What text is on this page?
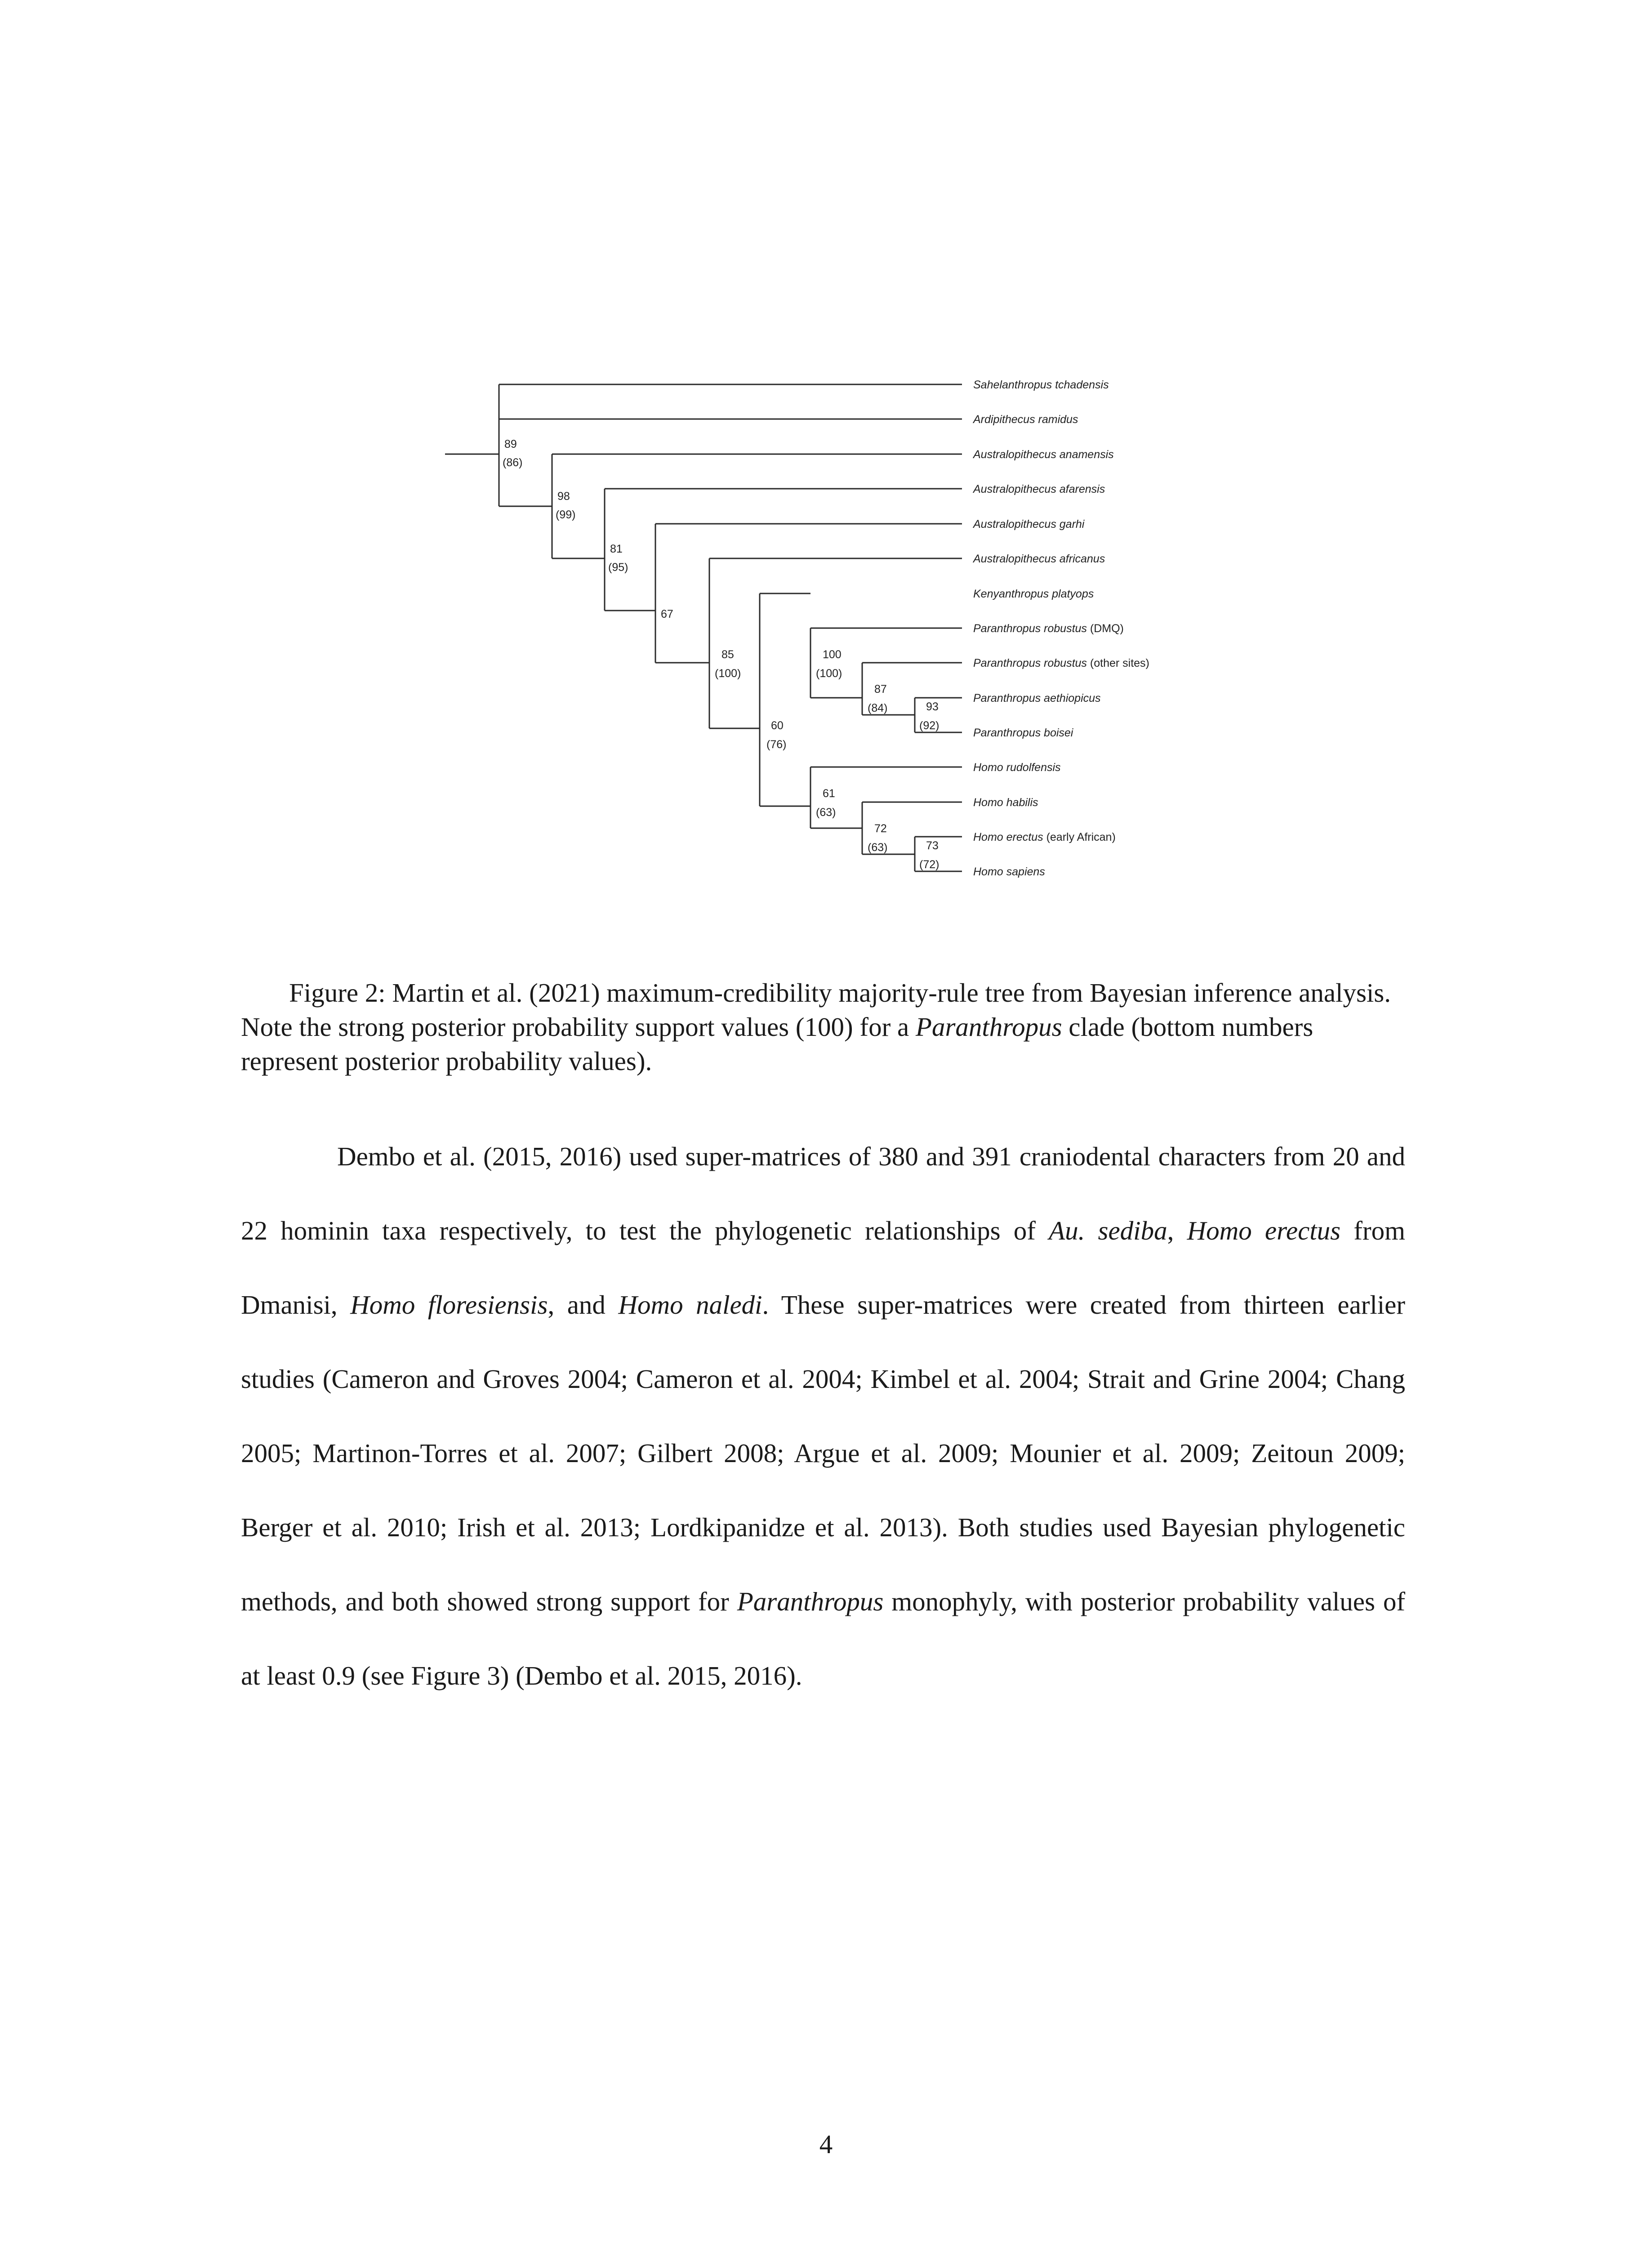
Sahelanthropus tchadensis
Ardipithecus ramidus
Australopithecus anamensis
Australopithecus afarensis
Australopithecus garhi
Australopithecus africanus
Kenyanthropus platyops
Paranthropus robustus (DMQ)
Paranthropus robustus (other sites)
Paranthropus aethiopicus
Paranthropus boisei
Homo rudolfensis
Homo habilis
Homo erectus (early African)
Homo sapiens
89
(86)
98
(99)
81
(95)
67
85
(100)
60
(76)
100
(100)
87
(84)	93
(92)
61
(63)
72
(63)	73
(72)
Figure 2: Martin et al. (2021) maximum-credibility majority-rule tree from Bayesian inference analysis. Note the strong posterior probability support values (100) for a Paranthropus clade (bottom numbers represent posterior probability values).

Dembo et al. (2015, 2016) used super-matrices of 380 and 391 craniodental characters from 20 and 22 hominin taxa respectively, to test the phylogenetic relationships of Au. sediba, Homo erectus from Dmanisi, Homo floresiensis, and Homo naledi. These super-matrices were created from thirteen earlier studies (Cameron and Groves 2004; Cameron et al. 2004; Kimbel et al. 2004; Strait and Grine 2004; Chang 2005; Martinon-Torres et al. 2007; Gilbert 2008; Argue et al. 2009; Mounier et al. 2009; Zeitoun 2009; Berger et al. 2010; Irish et al. 2013; Lordkipanidze et al. 2013). Both studies used Bayesian phylogenetic methods, and both showed strong support for Paranthropus monophyly, with posterior probability values of at least 0.9 (see Figure 3) (Dembo et al. 2015, 2016).

4
